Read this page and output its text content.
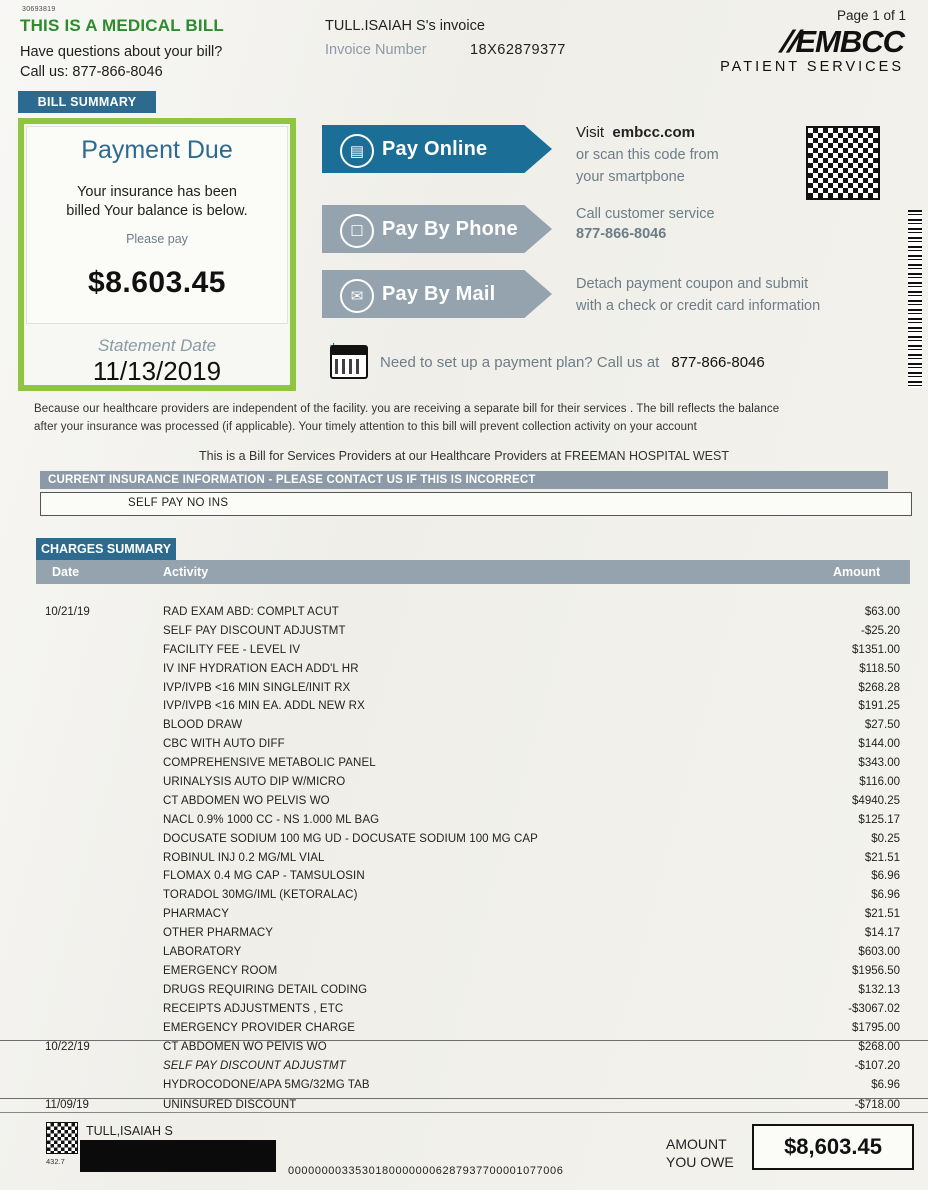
30693819
THIS IS A MEDICAL BILL
Have questions about your bill?
Call us: 877-866-8046
TULL.ISAIAH S's invoice
Invoice Number	18X62879377
Page 1 of 1
//EMBCC
PATIENT SERVICES
BILL SUMMARY
Payment Due
Your insurance has been
billed Your balance is below.
Please pay
$8.603.45
Statement Date
11/13/2019
▤ Pay Online
☐ Pay By Phone
✉ Pay By Mail
Visit embcc.com
or scan this code from
your smartpbone
Call customer service
877-866-8046
Detach payment coupon and submit
with a check or credit card information
Need to set up a payment plan? Call us at 877-866-8046
Because our healthcare providers are independent of the facility. you are receiving a separate bill for their services . The bill reflects the balance
after your insurance was processed (if applicable). Your timely attention to this bill will prevent collection activity on your account
This is a Bill for Services Providers at our Healthcare Providers at FREEMAN HOSPITAL WEST
CURRENT INSURANCE INFORMATION - PLEASE CONTACT US IF THIS IS INCORRECT
SELF PAY NO INS
CHARGES SUMMARY
Date	Activity	Amount
10/21/19	RAD EXAM ABD: COMPLT ACUT	$63.00
SELF PAY DISCOUNT ADJUSTMT	-$25.20
FACILITY FEE - LEVEL IV	$1351.00
IV INF HYDRATION EACH ADD'L HR	$118.50
IVP/IVPB <16 MIN SINGLE/INIT RX	$268.28
IVP/IVPB <16 MIN EA. ADDL NEW RX	$191.25
BLOOD DRAW	$27.50
CBC WITH AUTO DIFF	$144.00
COMPREHENSIVE METABOLIC PANEL	$343.00
URINALYSIS AUTO DIP W/MICRO	$116.00
CT ABDOMEN WO PELVIS WO	$4940.25
NACL 0.9% 1000 CC - NS 1.000 ML BAG	$125.17
DOCUSATE SODIUM 100 MG UD - DOCUSATE SODIUM 100 MG CAP	$0.25
ROBINUL INJ 0.2 MG/ML VIAL	$21.51
FLOMAX 0.4 MG CAP - TAMSULOSIN	$6.96
TORADOL 30MG/IML (KETORALAC)	$6.96
PHARMACY	$21.51
OTHER PHARMACY	$14.17
LABORATORY	$603.00
EMERGENCY ROOM	$1956.50
DRUGS REQUIRING DETAIL CODING	$132.13
RECEIPTS ADJUSTMENTS , ETC	-$3067.02
EMERGENCY PROVIDER CHARGE	$1795.00
10/22/19	CT ABDOMEN WO PElVIS WO	$268.00
SELF PAY DISCOUNT ADJUSTMT	-$107.20
HYDROCODONE/APA 5MG/32MG TAB	$6.96
11/09/19	UNINSURED DISCOUNT	-$718.00
432.7
TULL,ISAIAH S
00000000335301800000006287937700001077006
AMOUNT
YOU OWE
$8,603.45
